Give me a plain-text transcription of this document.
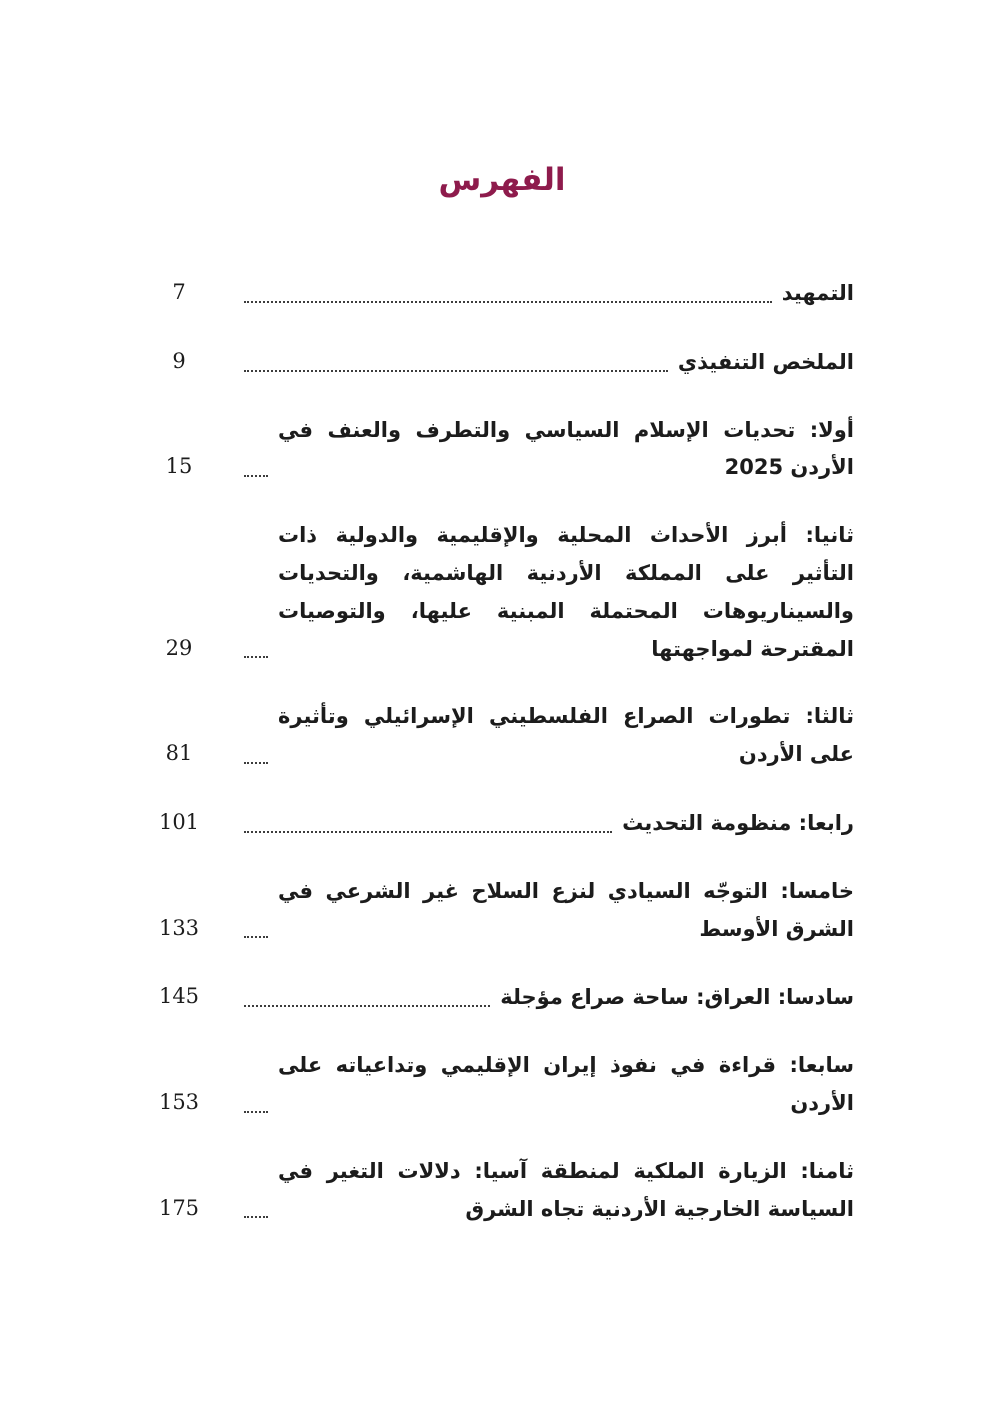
الفهرس
التمهيد
7
الملخص التنفيذي
9
أولا: تحديات الإسلام السياسي والتطرف والعنف في الأردن 2025
15
ثانيا: أبرز الأحداث المحلية والإقليمية والدولية ذات التأثير على المملكة الأردنية الهاشمية، والتحديات والسيناريوهات المحتملة المبنية عليها، والتوصيات المقترحة لمواجهتها
29
ثالثا: تطورات الصراع الفلسطيني الإسرائيلي وتأثيرة على الأردن
81
رابعا: منظومة التحديث
101
خامسا: التوجّه السيادي لنزع السلاح غير الشرعي في الشرق الأوسط
133
سادسا: العراق: ساحة صراع مؤجلة
145
سابعا: قراءة في نفوذ إيران الإقليمي وتداعياته على الأردن
153
ثامنا: الزيارة الملكية لمنطقة آسيا: دلالات التغير في السياسة الخارجية الأردنية تجاه الشرق
175
